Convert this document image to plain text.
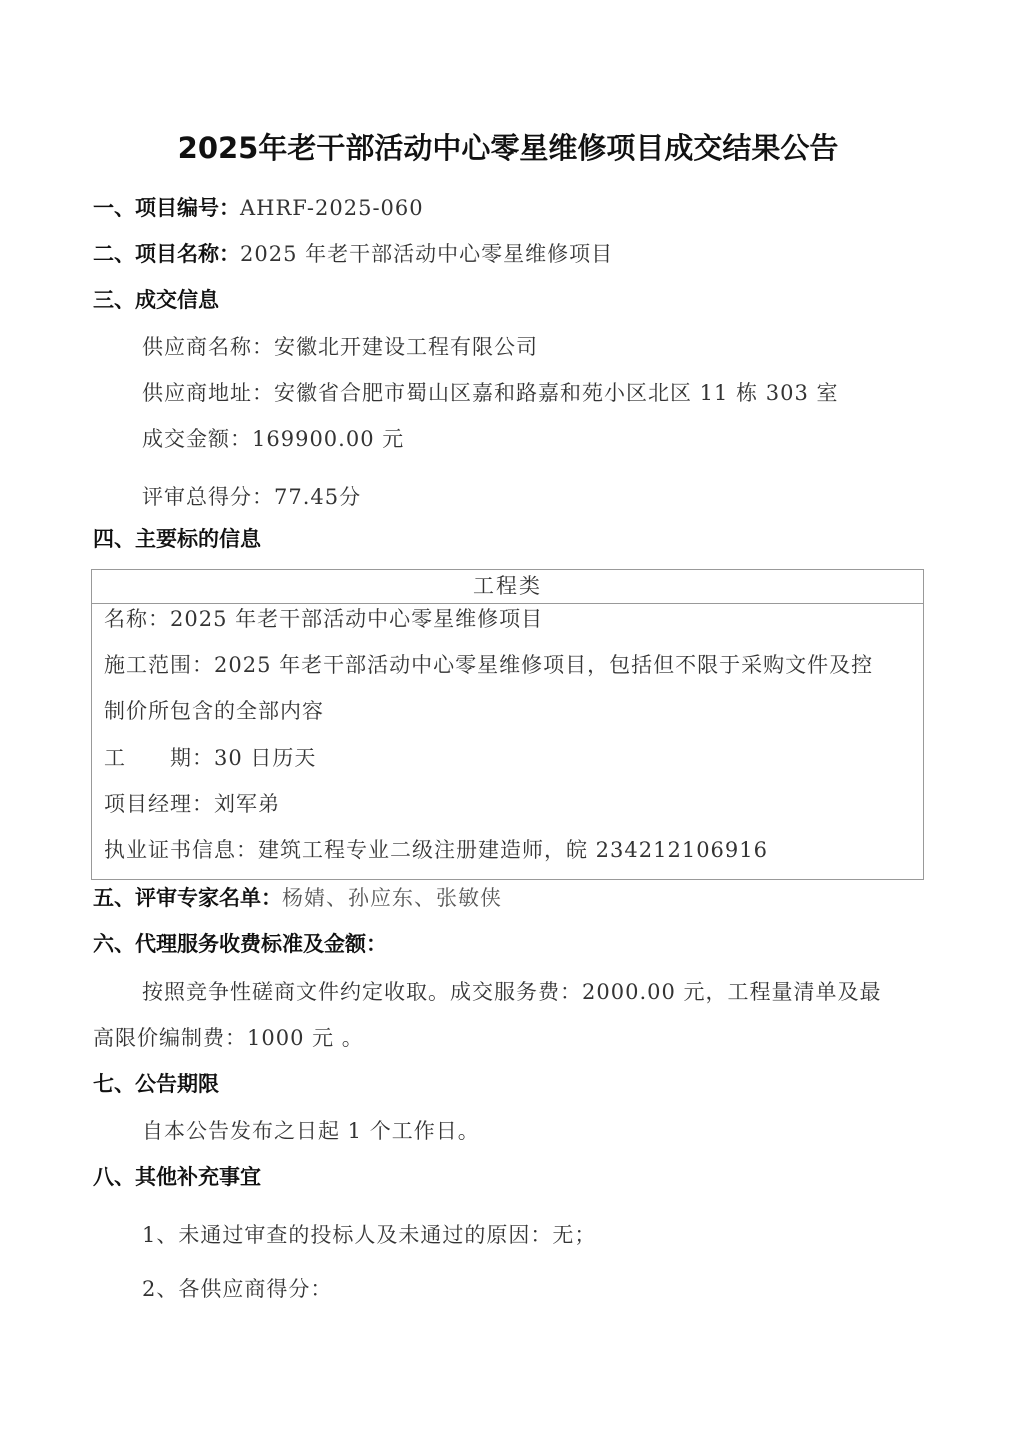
2025年老干部活动中心零星维修项目成交结果公告
一、项目编号：AHRF-2025-060
二、项目名称：2025 年老干部活动中心零星维修项目
三、成交信息
供应商名称：安徽北开建设工程有限公司
供应商地址：安徽省合肥市蜀山区嘉和路嘉和苑小区北区 11 栋 303 室
成交金额：169900.00 元
评审总得分：77.45分
四、主要标的信息
工程类
名称：2025 年老干部活动中心零星维修项目
施工范围：2025 年老干部活动中心零星维修项目，包括但不限于采购文件及控
制价所包含的全部内容
工　　期：30 日历天
项目经理：刘军弟
执业证书信息：建筑工程专业二级注册建造师，皖 234212106916
五、评审专家名单：杨婧、孙应东、张敏侠
六、代理服务收费标准及金额：
按照竞争性磋商文件约定收取。成交服务费：2000.00 元，工程量清单及最
高限价编制费：1000 元 。
七、公告期限
自本公告发布之日起 1 个工作日。
八、其他补充事宜
1、未通过审查的投标人及未通过的原因：无；
2、各供应商得分：
